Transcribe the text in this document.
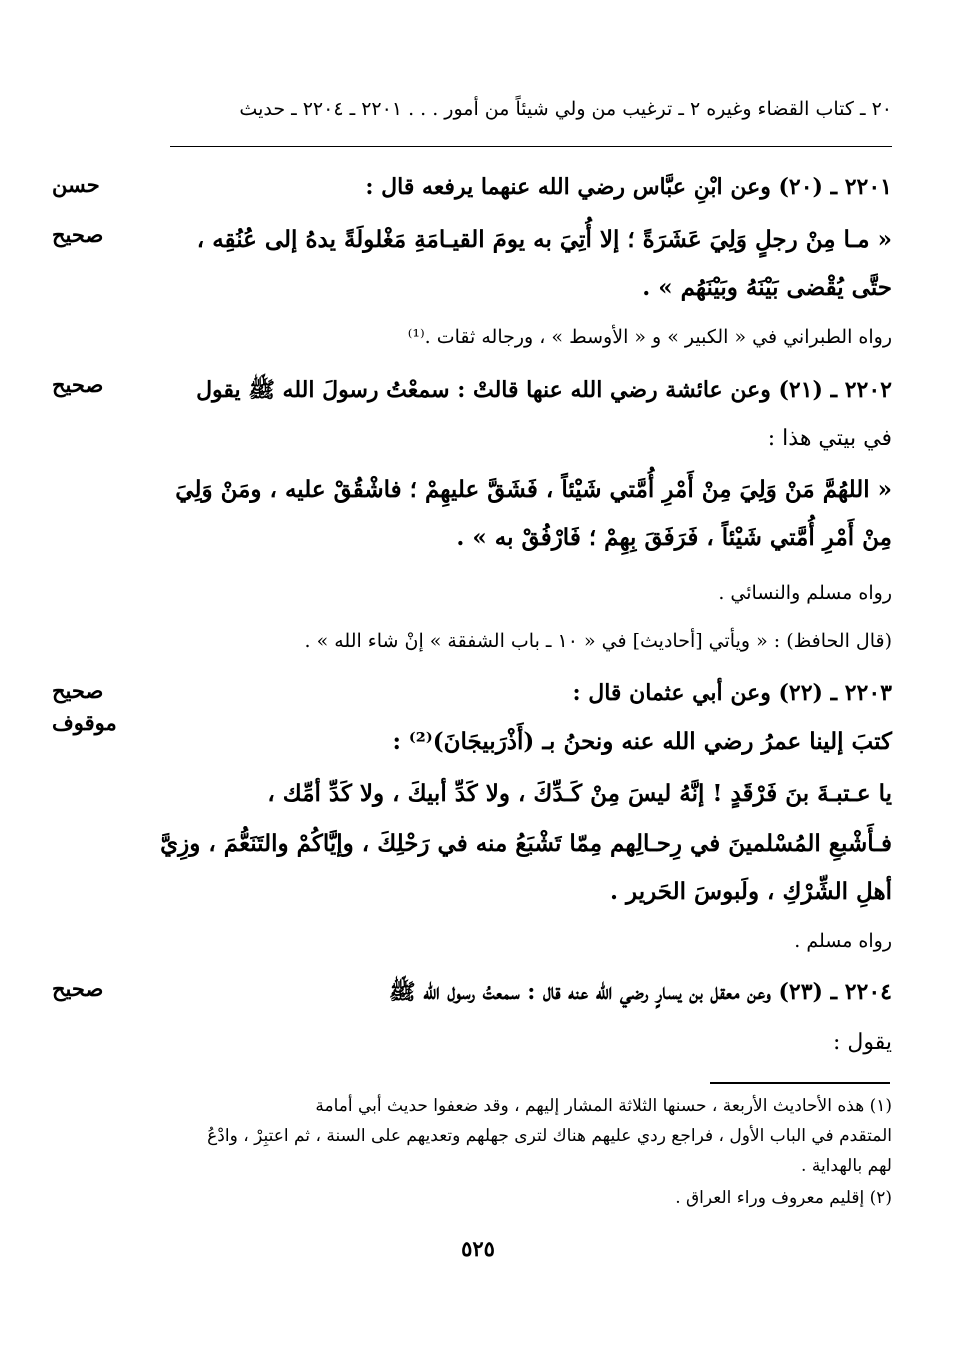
٢٠ ـ كتاب القضاء وغيره ٢ ـ ترغيب من ولي شيئاً من أمور . . . ٢٢٠١ ـ ٢٢٠٤ ـ حديث
حسن
صحيح
صحيح
صحيح
موقوف
صحيح
٢٢٠١ ـ (٢٠) وعن ابْنِ عبَّاس رضي الله عنهما يرفعه قال :
« مـا مِنْ رجلٍ وَلِيَ عَشَرَةً ؛ إلا أُتِيَ به يومَ القيـامَةِ مَغْلولَةً يدهُ إلى عُنُقِه ،
حتَّى يُقْضى بَيْنَهُ وبَيْنَهُم » .
رواه الطبراني في « الكبير » و « الأوسط » ، ورجاله ثقات .⁽¹⁾
٢٢٠٢ ـ (٢١) وعن عائشة رضي الله عنها قالتْ : سمعْتُ رسولَ الله ﷺ يقول
في بيتي هذا :
« اللهُمَّ مَنْ وَلِيَ مِنْ أَمْرِ أُمَّتي شَيْئاً ، فَشَقَّ عليهِمْ ؛ فاشْقُقْ عليه ، ومَنْ وَلِيَ
مِنْ أَمْرِ أُمَّتي شَيْئاً ، فَرَفَقَ بِهِمْ ؛ فَارْفُقْ به » .
رواه مسلم والنسائي .
(قال الحافظ) : « ويأتي [أحاديث] في « ١٠ ـ باب الشفقة » إنْ شاء الله » .
٢٢٠٣ ـ (٢٢) وعن أبي عثمان قال :
كتبَ إلينا عمرُ رضي الله عنه ونحنُ بـ (أَذْرَبيجَانَ)⁽²⁾ :
يا عـتبـةَ بنَ فَرْقَدٍ ! إنَّهُ ليسَ مِنْ كَـدِّكَ ، ولا كَدِّ أبيكَ ، ولا كَدِّ أمِّك ،
فـأَشْبعِ المُسْلمينَ في رِحـالِهم مِمّا تَشْبَعُ منه في رَحْلِكَ ، وإيَّاكُمْ والتَنَعُّمَ ، وزِيَّ
أهلِ الشِّرْكِ ، ولَبوسَ الحَرير .
رواه مسلم .
٢٢٠٤ ـ (٢٣) وعن معقل بن يسارٍ رضي الله عنه قال : سمعتُ رسول الله ﷺ
يقول :
(١) هذه الأحاديث الأربعة ، حسنها الثلاثة المشار إليهم ، وقد ضعفوا حديث أبي أمامة
المتقدم في الباب الأول ، فراجع ردي عليهم هناك لترى جهلهم وتعديهم على السنة ، ثم اعتبِرْ ، وادْعُ
لهم بالهداية .
(٢) إقليم معروف وراء العراق .
٥٢٥
